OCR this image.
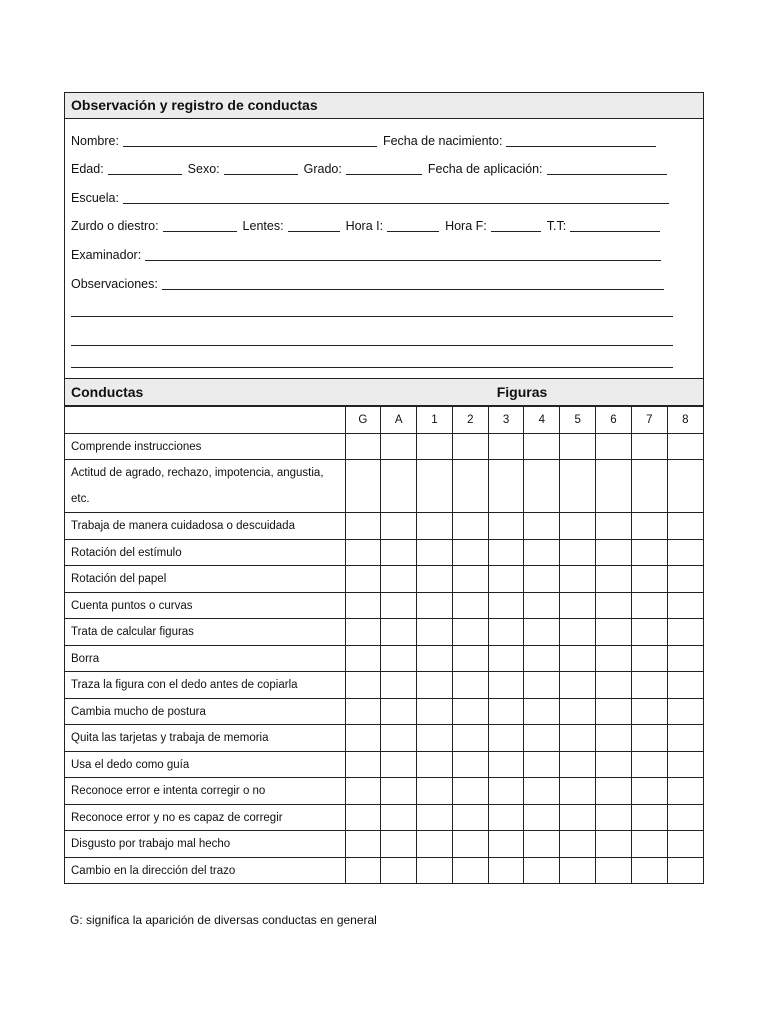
Observación y registro de conductas
Nombre:	Fecha de nacimiento:
Edad:	Sexo:	Grado:	Fecha de aplicación:
Escuela:
Zurdo o diestro:	Lentes:	Hora I:	Hora F:	T.T:
Examinador:
Observaciones:
Conductas	Figuras
	G	A	1	2	3	4	5	6	7	8
Comprende instrucciones										
Actitud de agrado, rechazo, impotencia, angustia, etc.										
Trabaja de manera cuidadosa o descuidada										
Rotación del estímulo										
Rotación del papel										
Cuenta puntos o curvas										
Trata de calcular figuras										
Borra										
Traza la figura con el dedo antes de copiarla										
Cambia mucho de postura										
Quita las tarjetas y trabaja de memoria										
Usa el dedo como guía										
Reconoce error e intenta corregir o no										
Reconoce error y no es capaz de corregir										
Disgusto por trabajo mal hecho										
Cambio en la dirección del trazo										
G: significa la aparición de diversas conductas en general
